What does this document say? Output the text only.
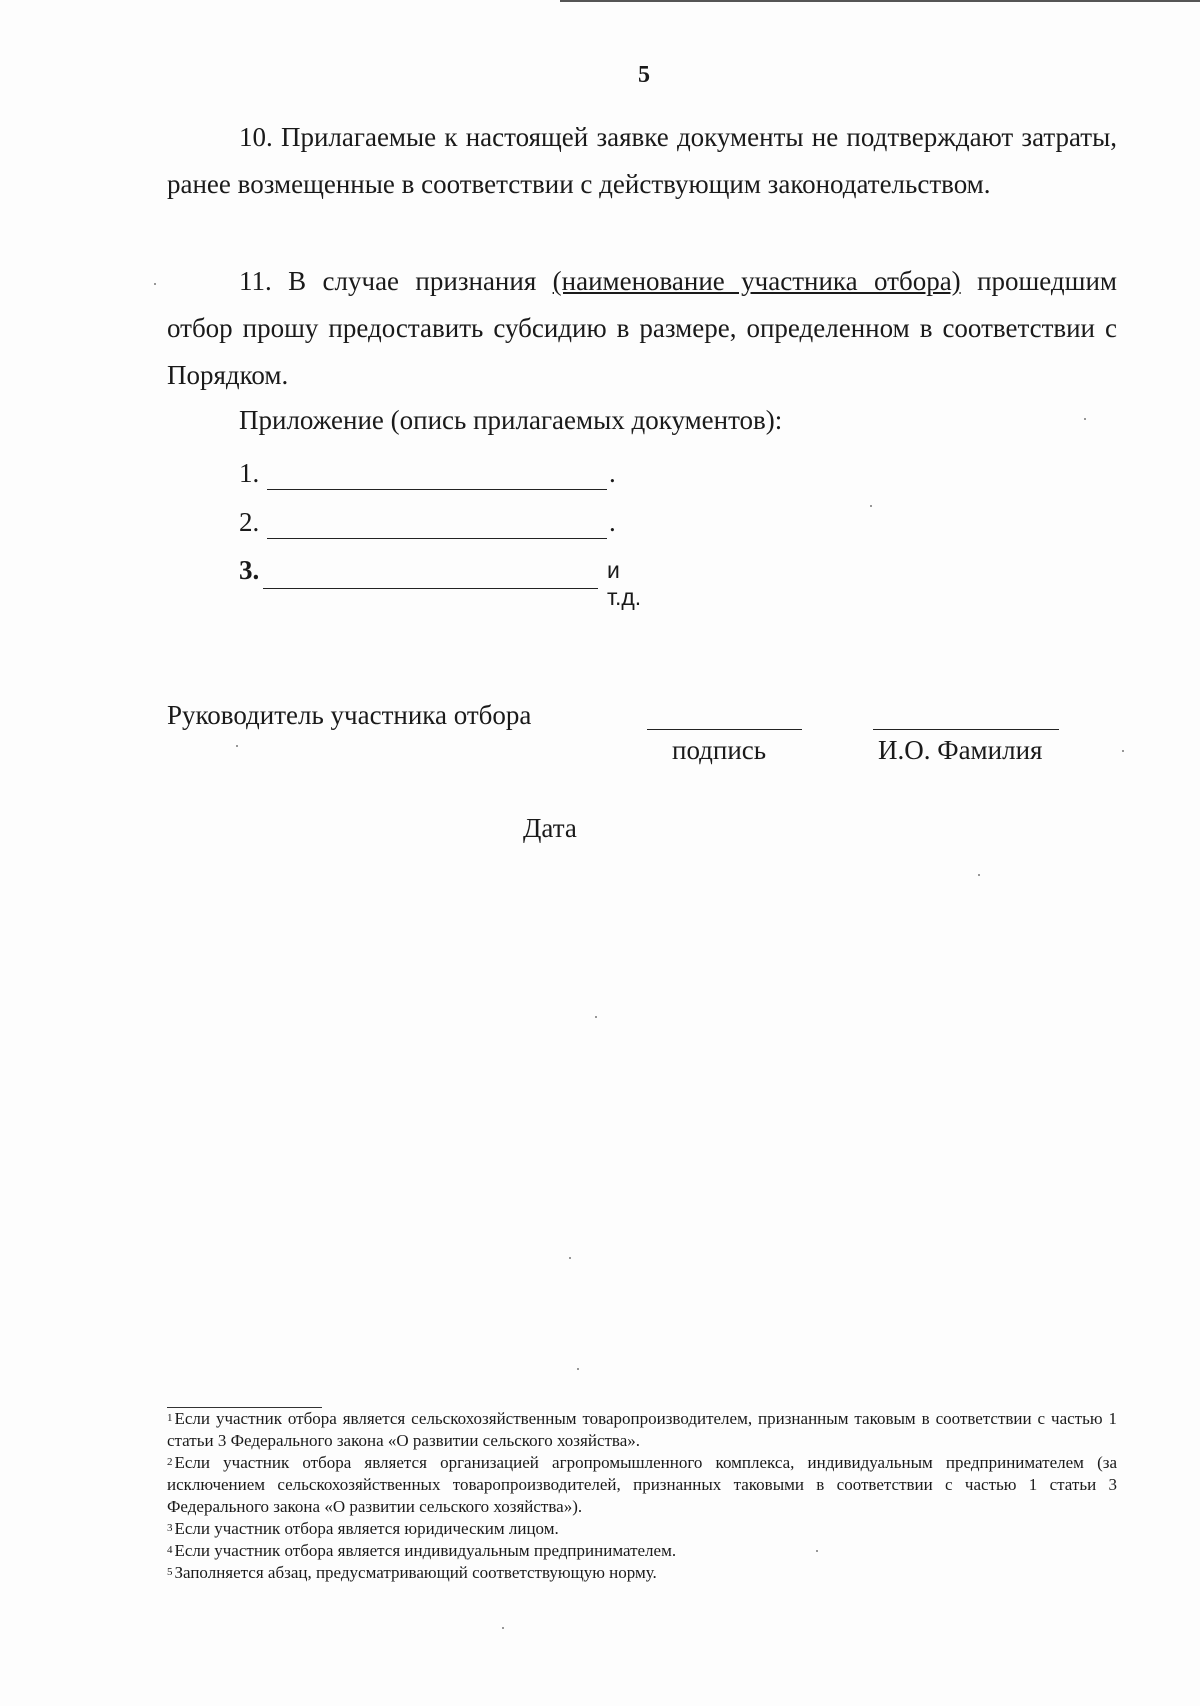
5

10. Прилагаемые к настоящей заявке документы не подтверждают затраты, ранее возмещенные в соответствии с действующим законодательством.

11. В случае признания (наименование участника отбора) прошедшим отбор прошу предоставить субсидию в размере, определенном в соответствии с Порядком.

Приложение (опись прилагаемых документов):

1.	.
2.	.
3.	и т.д.
Руководитель участника отбора
подпись	И.О. Фамилия
Дата

$^1$ Если участник отбора является сельскохозяйственным товаропроизводителем, признанным таковым в соответствии с частью 1 статьи 3 Федерального закона «О развитии сельского хозяйства».

$^2$ Если участник отбора является организацией агропромышленного комплекса, индивидуальным предпринимателем (за исключением сельскохозяйственных товаропроизводителей, признанных таковыми в соответствии с частью 1 статьи 3 Федерального закона «О развитии сельского хозяйства»).

$^3$ Если участник отбора является юридическим лицом.

$^4$ Если участник отбора является индивидуальным предпринимателем.

$^5$ Заполняется абзац, предусматривающий соответствующую норму.
